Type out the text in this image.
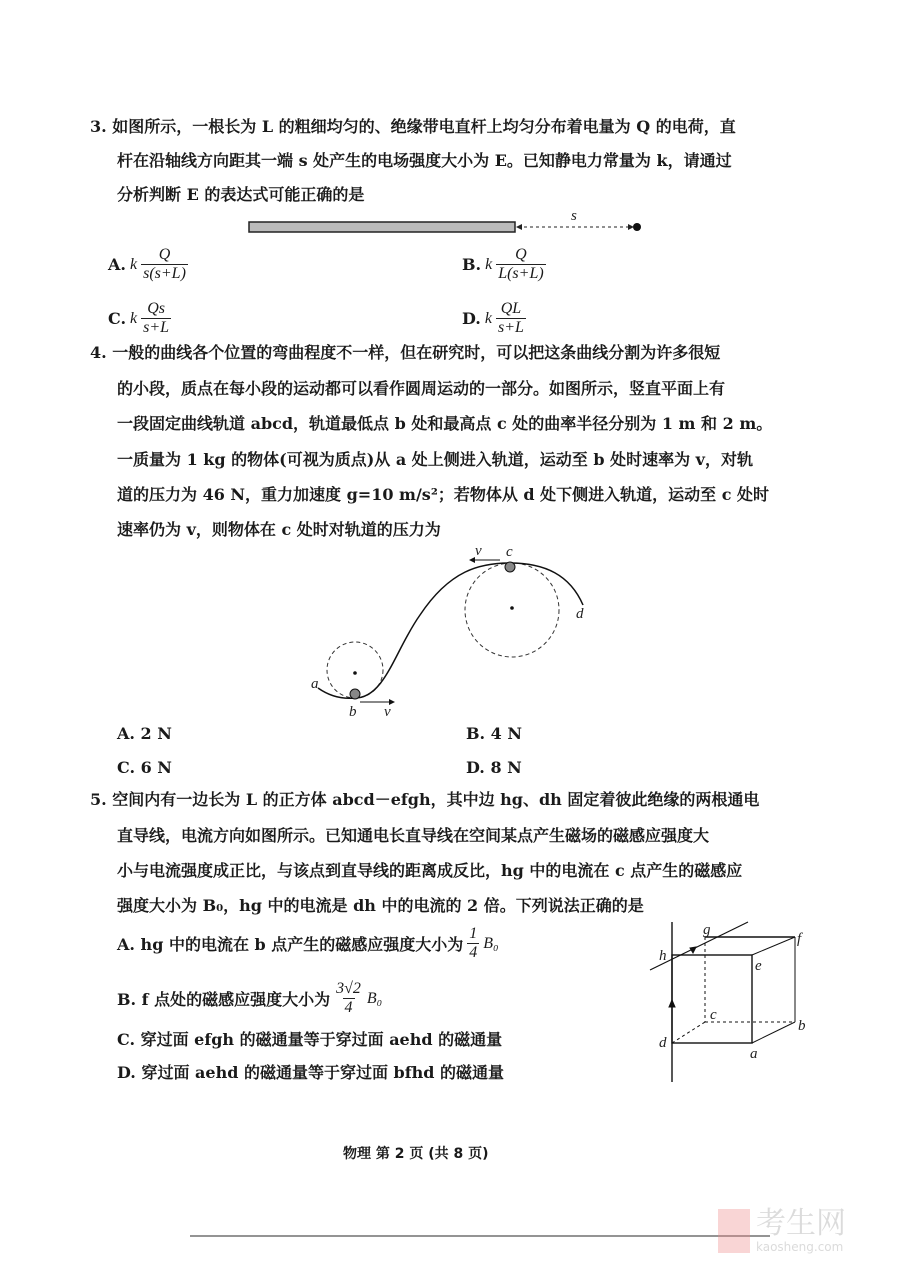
3. 如图所示，一根长为 L 的粗细均匀的、绝缘带电直杆上均匀分布着电量为 Q 的电荷，直
杆在沿轴线方向距其一端 s 处产生的电场强度大小为 E。已知静电力常量为 k，请通过
分析判断 E 的表达式可能正确的是
s
a
b v
v c
d
g
f
h
e
c
b
d
a
A. k $\frac{Q}{s(s+L)}$	B. k $\frac{Q}{L(s+L)}$
C. k $\frac{Qs}{s+L}$	D. k $\frac{QL}{s+L}$
4. 一般的曲线各个位置的弯曲程度不一样，但在研究时，可以把这条曲线分割为许多很短
的小段，质点在每小段的运动都可以看作圆周运动的一部分。如图所示，竖直平面上有
一段固定曲线轨道 abcd，轨道最低点 b 处和最高点 c 处的曲率半径分别为 1 m 和 2 m。
一质量为 1 kg 的物体(可视为质点)从 a 处上侧进入轨道，运动至 b 处时速率为 v，对轨
道的压力为 46 N，重力加速度 g=10 m/s²；若物体从 d 处下侧进入轨道，运动至 c 处时
速率仍为 v，则物体在 c 处时对轨道的压力为
A. 2 N	B. 4 N
C. 6 N	D. 8 N
5. 空间内有一边长为 L 的正方体 abcd－efgh，其中边 hg、dh 固定着彼此绝缘的两根通电
直导线，电流方向如图所示。已知通电长直导线在空间某点产生磁场的磁感应强度大
小与电流强度成正比，与该点到直导线的距离成反比，hg 中的电流在 c 点产生的磁感应
强度大小为 B₀，hg 中的电流是 dh 中的电流的 2 倍。下列说法正确的是
A. hg 中的电流在 b 点产生的磁感应强度大小为 $\frac{1}{4} B_0$
B. f 点处的磁感应强度大小为 $\frac{3√2}{4} B_0$
C. 穿过面 efgh 的磁通量等于穿过面 aehd 的磁通量
D. 穿过面 aehd 的磁通量等于穿过面 bfhd 的磁通量
物理 第 2 页 (共 8 页)
考生网
kaosheng.com
